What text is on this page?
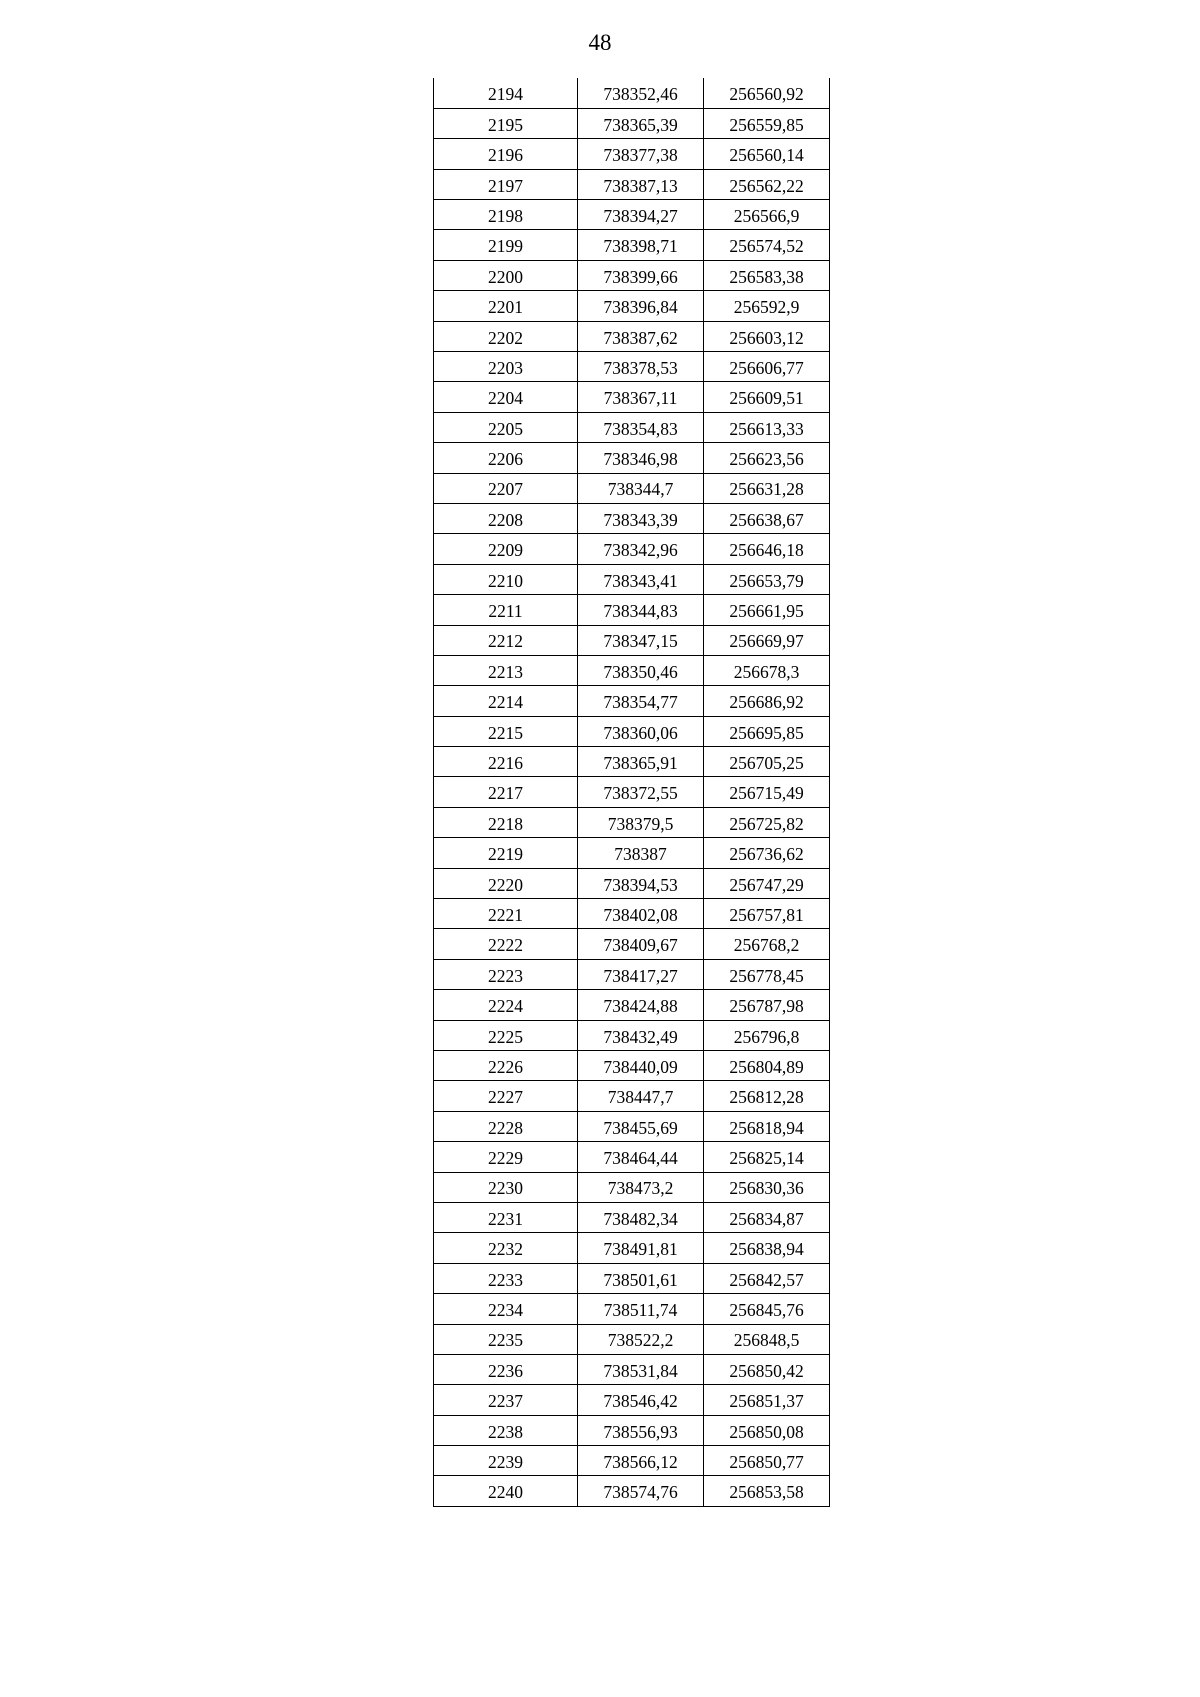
48
2194	738352,46	256560,92
2195	738365,39	256559,85
2196	738377,38	256560,14
2197	738387,13	256562,22
2198	738394,27	256566,9
2199	738398,71	256574,52
2200	738399,66	256583,38
2201	738396,84	256592,9
2202	738387,62	256603,12
2203	738378,53	256606,77
2204	738367,11	256609,51
2205	738354,83	256613,33
2206	738346,98	256623,56
2207	738344,7	256631,28
2208	738343,39	256638,67
2209	738342,96	256646,18
2210	738343,41	256653,79
2211	738344,83	256661,95
2212	738347,15	256669,97
2213	738350,46	256678,3
2214	738354,77	256686,92
2215	738360,06	256695,85
2216	738365,91	256705,25
2217	738372,55	256715,49
2218	738379,5	256725,82
2219	738387	256736,62
2220	738394,53	256747,29
2221	738402,08	256757,81
2222	738409,67	256768,2
2223	738417,27	256778,45
2224	738424,88	256787,98
2225	738432,49	256796,8
2226	738440,09	256804,89
2227	738447,7	256812,28
2228	738455,69	256818,94
2229	738464,44	256825,14
2230	738473,2	256830,36
2231	738482,34	256834,87
2232	738491,81	256838,94
2233	738501,61	256842,57
2234	738511,74	256845,76
2235	738522,2	256848,5
2236	738531,84	256850,42
2237	738546,42	256851,37
2238	738556,93	256850,08
2239	738566,12	256850,77
2240	738574,76	256853,58
